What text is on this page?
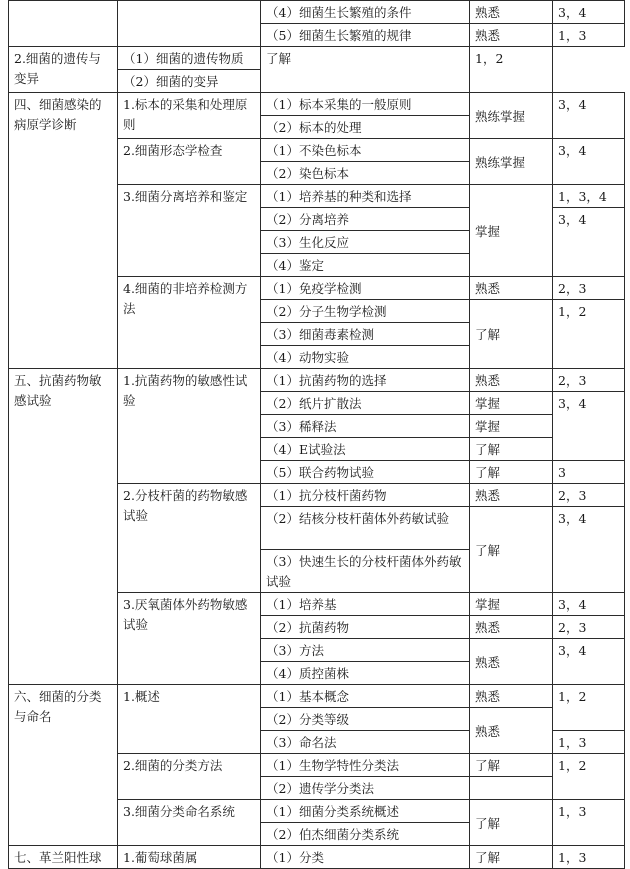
		（4）细菌生长繁殖的条件	熟悉	3，4
		（5）细菌生长繁殖的规律	熟悉	1，3
2.细菌的遗传与变异	（1）细菌的遗传物质	了解	1，2	
	（2）细菌的变异			
四、细菌感染的病原学诊断	1.标本的采集和处理原则	（1）标本采集的一般原则	熟练掌握	3，4
		（2）标本的处理		
	2.细菌形态学检查	（1）不染色标本	熟练掌握	3，4
		（2）染色标本		
	3.细菌分离培养和鉴定	（1）培养基的种类和选择	掌握	1，3，4
		（2）分离培养		3，4
		（3）生化反应		
		（4）鉴定		
	4.细菌的非培养检测方法	（1）免疫学检测	熟悉	2，3
		（2）分子生物学检测	了解	1，2
		（3）细菌毒素检测		
		（4）动物实验		
五、抗菌药物敏感试验	1.抗菌药物的敏感性试验	（1）抗菌药物的选择	熟悉	2，3
		（2）纸片扩散法	掌握	3，4
		（3）稀释法	掌握	
		（4）E试验法	了解	
		（5）联合药物试验	了解	3
	2.分枝杆菌的药物敏感试验	（1）抗分枝杆菌药物	熟悉	2，3
		（2）结核分枝杆菌体外药敏试验	了解	3，4
		（3）快速生长的分枝杆菌体外药敏试验		
	3.厌氧菌体外药物敏感试验	（1）培养基	掌握	3，4
		（2）抗菌药物	熟悉	2，3
		（3）方法	熟悉	3，4
		（4）质控菌株		
六、细菌的分类与命名	1.概述	（1）基本概念	熟悉	1，2
		（2）分类等级	熟悉	
		（3）命名法		1，3
	2.细菌的分类方法	（1）生物学特性分类法	了解	1，2
		（2）遗传学分类法		
	3.细菌分类命名系统	（1）细菌分类系统概述	了解	1，3
		（2）伯杰细菌分类系统		
七、革兰阳性球	1.葡萄球菌属	（1）分类	了解	1，3
